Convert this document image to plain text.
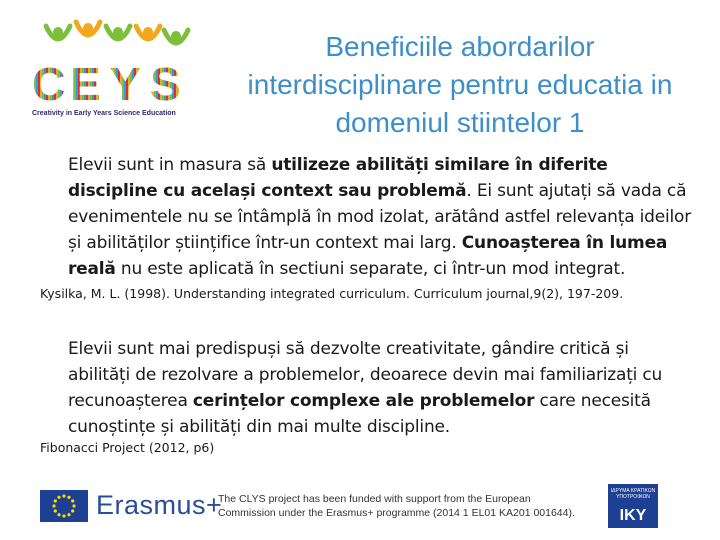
C E Y S
Creativity in Early Years Science Education
Beneficiile abordarilor
interdisciplinare pentru educatia in
domeniul stiintelor 1
Elevii sunt in masura să utilizeze abilități similare în diferite discipline cu același context sau problemă. Ei sunt ajutați să vada că evenimentele nu se întâmplă în mod izolat, arătând astfel relevanța ideilor și abilităților științifice într-un context mai larg. Cunoașterea în lumea reală nu este aplicată în sectiuni separate, ci într-un mod integrat.
Kysilka, M. L. (1998). Understanding integrated curriculum. Curriculum journal,9(2), 197-209.
Elevii sunt mai predispuși să dezvolte creativitate, gândire critică și abilități de rezolvare a problemelor, deoarece devin mai familiarizați cu recunoașterea cerințelor complexe ale problemelor care necesită cunoștințe și abilități din mai multe discipline.
Fibonacci Project (2012, p6)
Erasmus+
The CLYS project has been funded with support from the European
Commission under the Erasmus+ programme (2014 1 EL01 KA201 001644).
ΙΔΡΥΜΑ ΚΡΑΤΙΚΩΝ ΥΠΟΤΡΟΦΙΩΝ
IKY
